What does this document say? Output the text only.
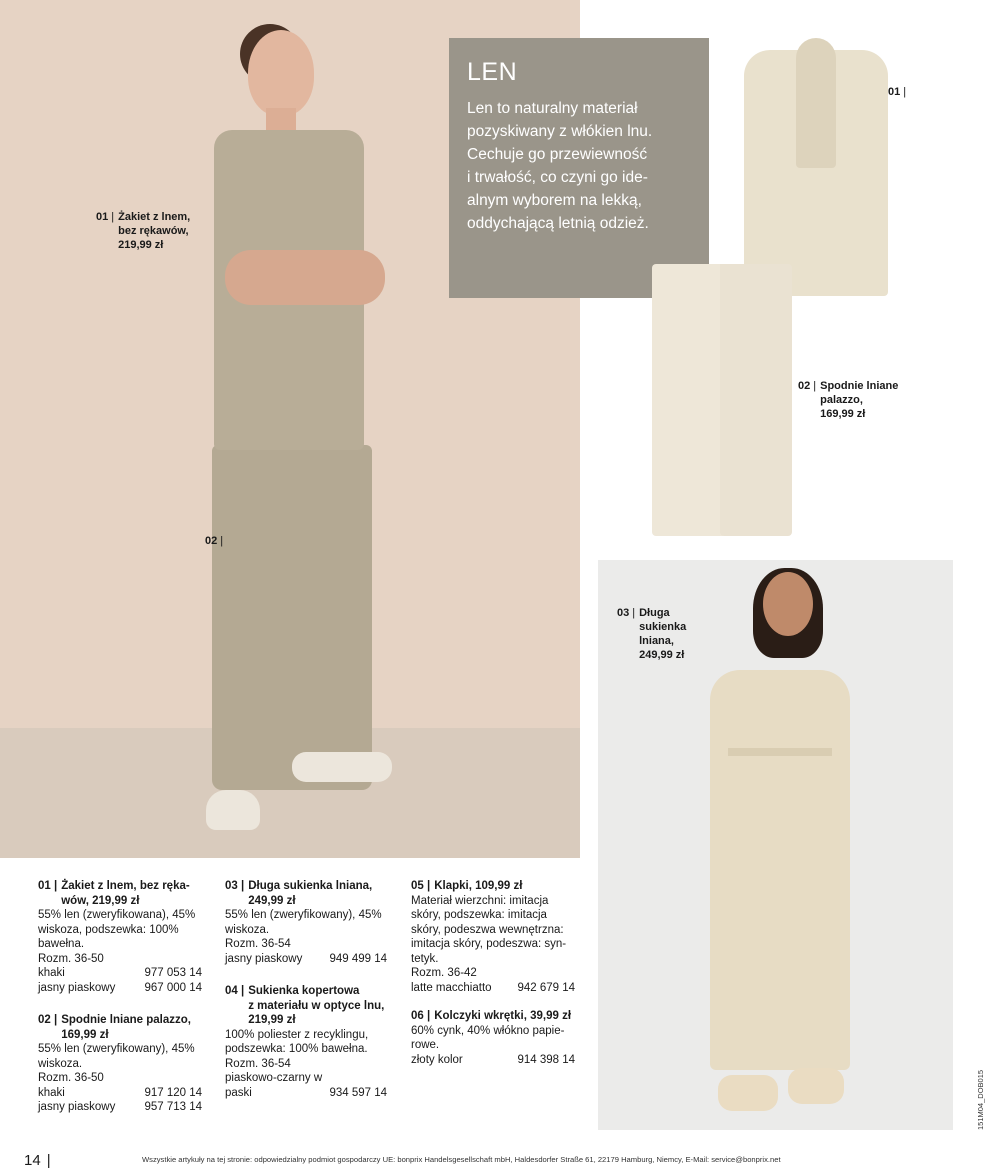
01 | Żakiet z lnem,
bez rękawów,
219,99 zł
02 |
LEN

Len to naturalny materiał
pozyskiwany z włókien lnu.
Cechuje go przewiewność
i trwałość, co czyni go ide-
alnym wyborem na lekką,
oddychającą letnią odzież.

01 |
02 | Spodnie lniane
palazzo,
169,99 zł
03 | Długa
sukienka
lniana,
249,99 zł
01 | Żakiet z lnem, bez ręka-
wów, 219,99 zł

55% len (zweryfikowana), 45%

wiskoza, podszewka: 100%

bawełna.

Rozm. 36-50

khaki	977 053 14
jasny piaskowy	967 000 14
02 | Spodnie lniane palazzo,
169,99 zł

55% len (zweryfikowany), 45%

wiskoza.

Rozm. 36-50

khaki	917 120 14
jasny piaskowy	957 713 14
03 | Długa sukienka lniana,
249,99 zł

55% len (zweryfikowany), 45%

wiskoza.

Rozm. 36-54

jasny piaskowy 949 499 14
04 | Sukienka kopertowa
z materiału w optyce lnu,
219,99 zł

100% poliester z recyklingu,

podszewka: 100% bawełna.

Rozm. 36-54

piaskowo-czarny w

paski	934 597 14
05 | Klapki, 109,99 zł

Materiał wierzchni: imitacja

skóry, podszewka: imitacja

skóry, podeszwa wewnętrzna:

imitacja skóry, podeszwa: syn-

tetyk.

Rozm. 36-42

latte macchiatto 942 679 14
06 | Kolczyki wkrętki, 39,99 zł

60% cynk, 40% włókno papie-

rowe.

złoty kolor	914 398 14
14 |	Wszystkie artykuły na tej stronie: odpowiedzialny podmiot gospodarczy UE: bonprix Handelsgesellschaft mbH, Haldesdorfer Straße 61, 22179 Hamburg, Niemcy, E-Mail: service@bonprix.net
151M04_DOB015
